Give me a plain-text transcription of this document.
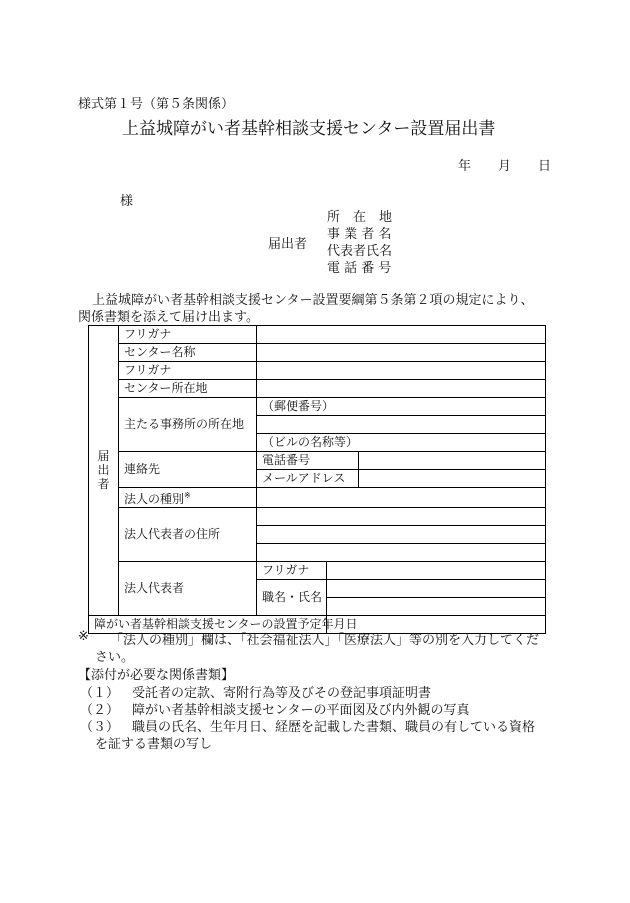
様式第１号（第５条関係）
上益城障がい者基幹相談支援センター設置届出書
年 月 日
様
届出者
所　在　地
事 業 者 名
代表者氏名
電 話 番 号
上益城障がい者基幹相談支援センター設置要綱第５条第２項の規定により、
関係書類を添えて届け出ます。
届出者	フリガナ			
	センター名称			
	フリガナ			
	センター所在地			
	主たる事務所の所在地	（郵便番号）		

		（ビルの名称等）		
	連絡先	電話番号		
		メールアドレス		
	法人の種別※	
	法人代表者の住所			

	法人代表者	フリガナ		
		職名・氏名		

障がい者基幹相談支援センターの設置予定年月日				
※ 「法人の種別」欄は、「社会福祉法人」「医療法人」等の別を入力してくだ
さい。
【添付が必要な関係書類】
（１） 受託者の定款、寄附行為等及びその登記事項証明書
（２） 障がい者基幹相談支援センターの平面図及び内外観の写真
（３） 職員の氏名、生年月日、経歴を記載した書類、職員の有している資格
を証する書類の写し
